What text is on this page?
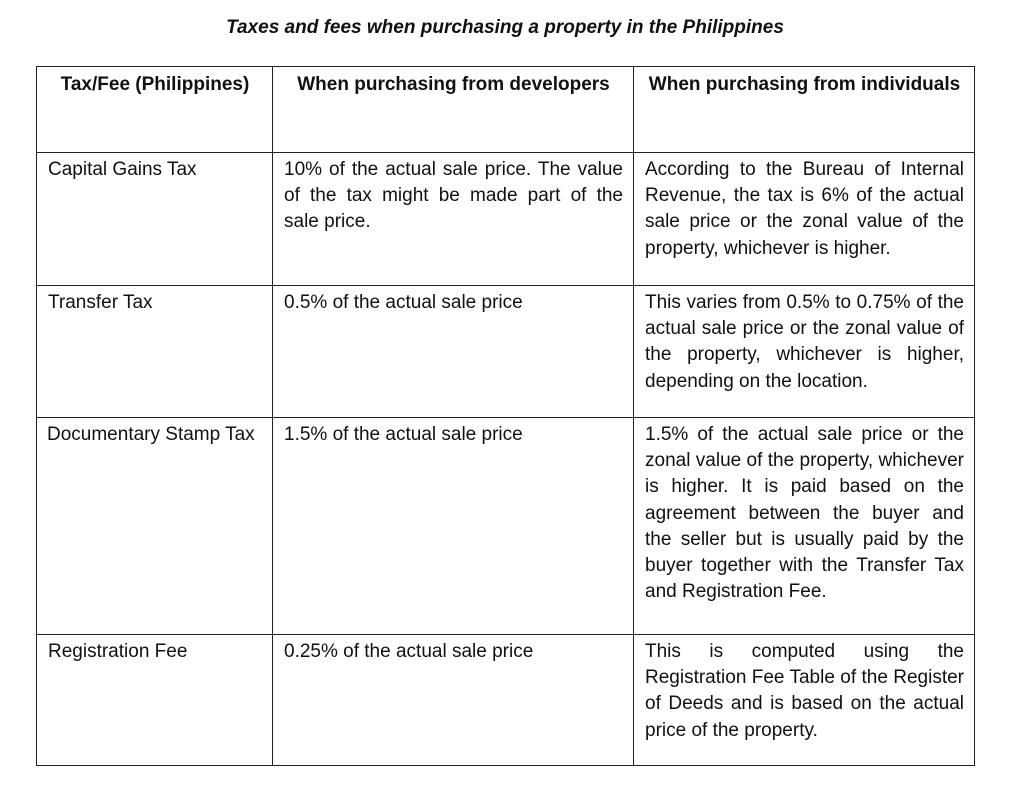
Taxes and fees when purchasing a property in the Philippines
Tax/Fee (Philippines)	When purchasing from developers	When purchasing from individuals
Capital Gains Tax	10% of the actual sale price. The value of the tax might be made part of the sale price.	According to the Bureau of Internal Revenue, the tax is 6% of the actual sale price or the zonal value of the property, whichever is higher.
Transfer Tax	0.5% of the actual sale price	This varies from 0.5% to 0.75% of the actual sale price or the zonal value of the property, whichever is higher, depending on the location.
Documentary Stamp Tax	1.5% of the actual sale price	1.5% of the actual sale price or the zonal value of the property, whichever is higher. It is paid based on the agreement between the buyer and the seller but is usually paid by the buyer together with the Transfer Tax and Registration Fee.
Registration Fee	0.25% of the actual sale price	This is computed using the Registration Fee Table of the Register of Deeds and is based on the actual price of the property.
